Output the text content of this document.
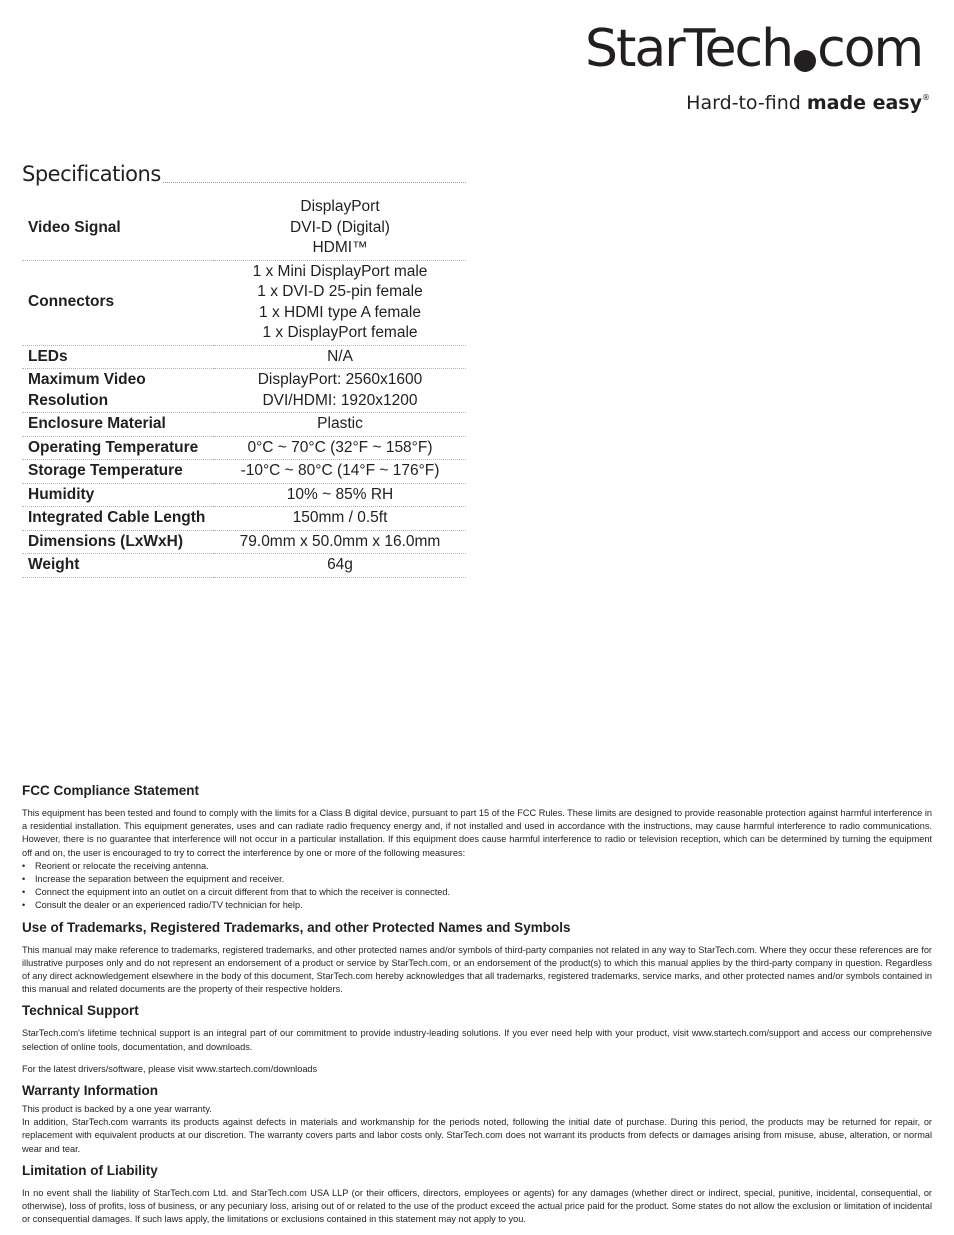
StarTech com
Hard-to-find made easy®
Specifications
Video Signal	DisplayPort
DVI-D (Digital)
HDMI™

Connectors	1 x Mini DisplayPort male
1 x DVI-D 25-pin female
1 x HDMI type A female
1 x DisplayPort female

LEDs	N/A

Maximum Video Resolution	DisplayPort: 2560x1600
DVI/HDMI: 1920x1200

Enclosure Material	Plastic

Operating Temperature	0°C ~ 70°C (32°F ~ 158°F)

Storage Temperature	-10°C ~ 80°C (14°F ~ 176°F)

Humidity	10% ~ 85% RH

Integrated Cable Length	150mm / 0.5ft

Dimensions (LxWxH)	79.0mm x 50.0mm x 16.0mm

Weight	64g
FCC Compliance Statement

This equipment has been tested and found to comply with the limits for a Class B digital device, pursuant to part 15 of the FCC Rules. These limits are designed to provide reasonable protection against harmful interference in a residential installation. This equipment generates, uses and can radiate radio frequency energy and, if not installed and used in accordance with the instructions, may cause harmful interference to radio communications. However, there is no guarantee that interference will not occur in a particular installation. If this equipment does cause harmful interference to radio or television reception, which can be determined by turning the equipment off and on, the user is encouraged to try to correct the interference by one or more of the following measures:

• Reorient or relocate the receiving antenna.
• Increase the separation between the equipment and receiver.
• Connect the equipment into an outlet on a circuit different from that to which the receiver is connected.
• Consult the dealer or an experienced radio/TV technician for help.
Use of Trademarks, Registered Trademarks, and other Protected Names and Symbols

This manual may make reference to trademarks, registered trademarks, and other protected names and/or symbols of third-party companies not related in any way to StarTech.com. Where they occur these references are for illustrative purposes only and do not represent an endorsement of a product or service by StarTech.com, or an endorsement of the product(s) to which this manual applies by the third-party company in question. Regardless of any direct acknowledgement elsewhere in the body of this document, StarTech.com hereby acknowledges that all trademarks, registered trademarks, service marks, and other protected names and/or symbols contained in this manual and related documents are the property of their respective holders.

Technical Support

StarTech.com's lifetime technical support is an integral part of our commitment to provide industry-leading solutions. If you ever need help with your product, visit www.startech.com/support and access our comprehensive selection of online tools, documentation, and downloads.

For the latest drivers/software, please visit www.startech.com/downloads

Warranty Information

This product is backed by a one year warranty.

In addition, StarTech.com warrants its products against defects in materials and workmanship for the periods noted, following the initial date of purchase. During this period, the products may be returned for repair, or replacement with equivalent products at our discretion. The warranty covers parts and labor costs only. StarTech.com does not warrant its products from defects or damages arising from misuse, abuse, alteration, or normal wear and tear.

Limitation of Liability

In no event shall the liability of StarTech.com Ltd. and StarTech.com USA LLP (or their officers, directors, employees or agents) for any damages (whether direct or indirect, special, punitive, incidental, consequential, or otherwise), loss of profits, loss of business, or any pecuniary loss, arising out of or related to the use of the product exceed the actual price paid for the product. Some states do not allow the exclusion or limitation of incidental or consequential damages. If such laws apply, the limitations or exclusions contained in this statement may not apply to you.
